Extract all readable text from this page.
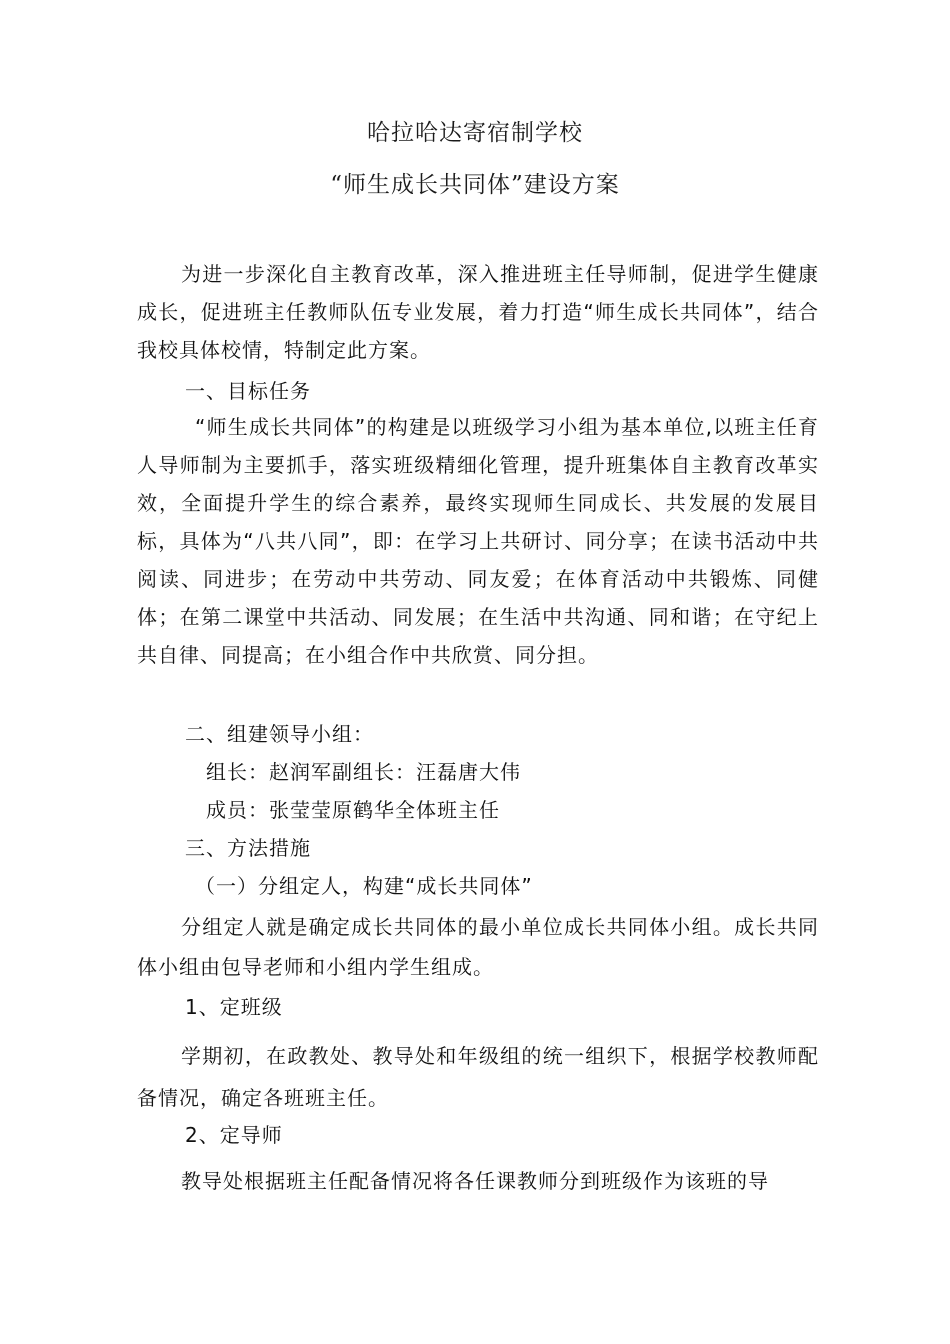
哈拉哈达寄宿制学校
“师生成长共同体”建设方案

为进一步深化自主教育改革，深入推进班主任导师制，促进学生健康成长，促进班主任教师队伍专业发展，着力打造“师生成长共同体”，结合我校具体校情，特制定此方案。

一、目标任务

“师生成长共同体”的构建是以班级学习小组为基本单位,以班主任育人导师制为主要抓手，落实班级精细化管理，提升班集体自主教育改革实效，全面提升学生的综合素养，最终实现师生同成长、共发展的发展目标，具体为“八共八同”，即：在学习上共研讨、同分享；在读书活动中共阅读、同进步；在劳动中共劳动、同友爱；在体育活动中共锻炼、同健体；在第二课堂中共活动、同发展；在生活中共沟通、同和谐；在守纪上共自律、同提高；在小组合作中共欣赏、同分担。

二、组建领导小组：

组长：赵润军副组长：汪磊唐大伟

成员：张莹莹原鹤华全体班主任

三、方法措施

（一）分组定人，构建“成长共同体”

分组定人就是确定成长共同体的最小单位成长共同体小组。成长共同体小组由包导老师和小组内学生组成。

1、定班级

学期初，在政教处、教导处和年级组的统一组织下，根据学校教师配备情况，确定各班班主任。

2、定导师

教导处根据班主任配备情况将各任课教师分到班级作为该班的导
